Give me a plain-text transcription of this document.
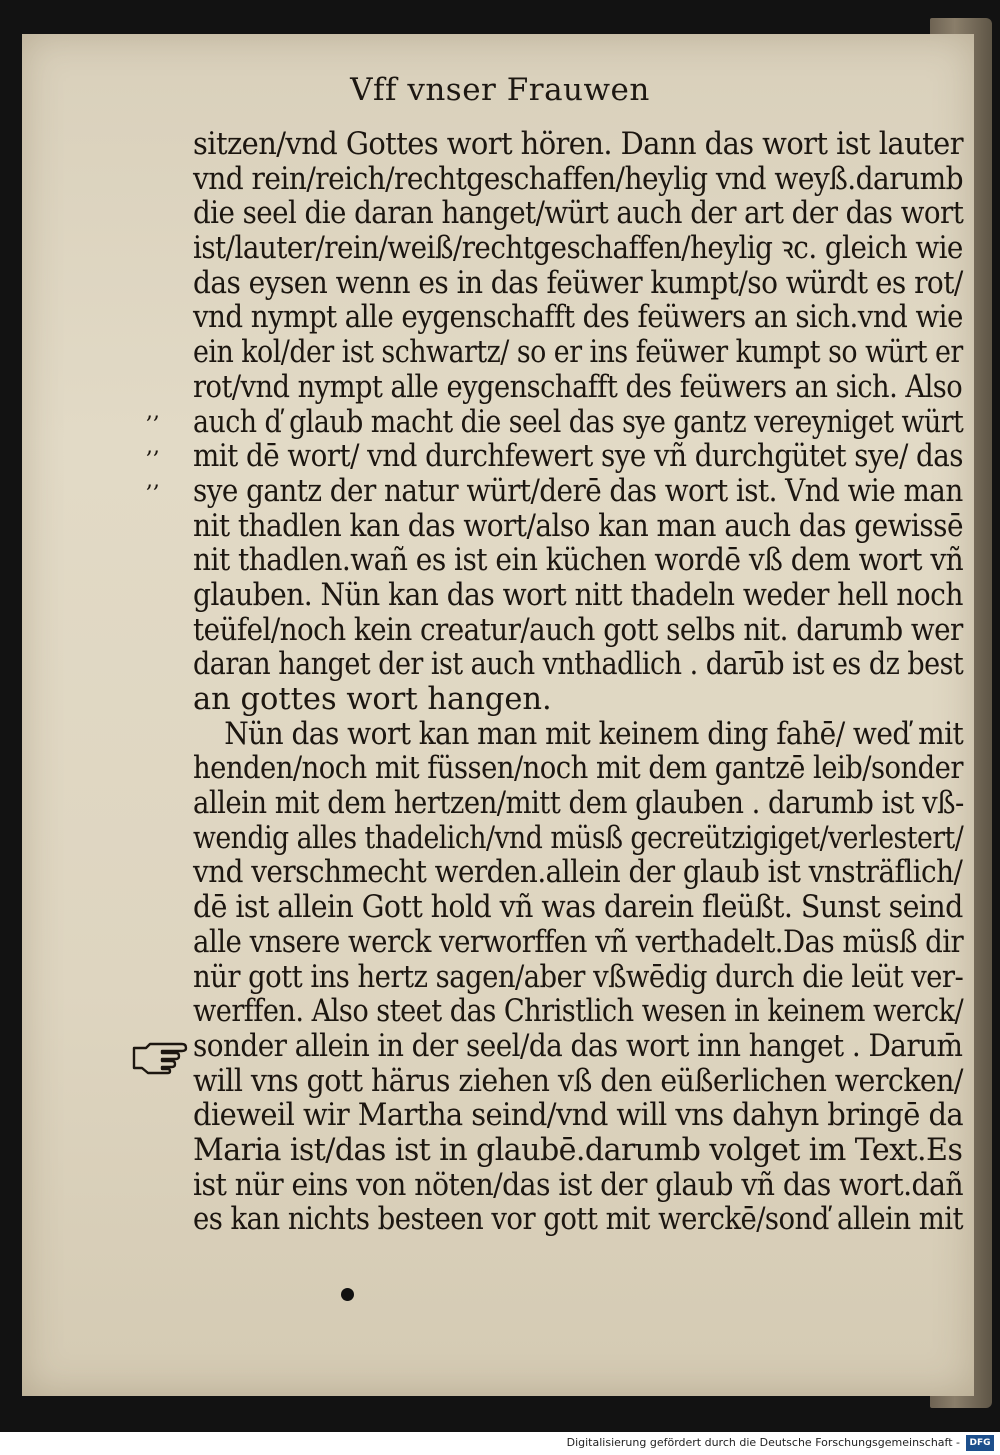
Vff vnser Frauwen
,,
,,
,,
sitzen/vnd Gottes wort hören. Dann das wort ist lauter
vnd rein/reich/rechtgeschaffen/heylig vnd weyß.darumb
die seel die daran hanget/würt auch der art der das wort
ist/lauter/rein/weiß/rechtgeschaffen/heylig ꝛc. gleich wie
das eysen wenn es in das feüwer kumpt/so würdt es rot/
vnd nympt alle eygenschafft des feüwers an sich.vnd wie
ein kol/der ist schwartz/ so er ins feüwer kumpt so würt er
rot/vnd nympt alle eygenschafft des feüwers an sich. Also
auch ď glaub macht die seel das sye gantz vereyniget würt
mit dē wort/ vnd durchfewert sye vñ durchgütet sye/ das
sye gantz der natur würt/derē das wort ist. Vnd wie man
nit thadlen kan das wort/also kan man auch das gewissē
nit thadlen.wañ es ist ein küchen wordē vß dem wort vñ
glauben. Nün kan das wort nitt thadeln weder hell noch
teüfel/noch kein creatur/auch gott selbs nit. darumb wer
daran hanget der ist auch vnthadlich . darūb ist es dz best
an gottes wort hangen.
Nün das wort kan man mit keinem ding fahē/ weď mit
henden/noch mit füssen/noch mit dem gantzē leib/sonder
allein mit dem hertzen/mitt dem glauben . darumb ist vß-
wendig alles thadelich/vnd müsß gecreützigiget/verlestert/
vnd verschmecht werden.allein der glaub ist vnsträflich/
dē ist allein Gott hold vñ was darein fleüßt. Sunst seind
alle vnsere werck verworffen vñ verthadelt.Das müsß dir
nür gott ins hertz sagen/aber vßwēdig durch die leüt ver-
werffen. Also steet das Christlich wesen in keinem werck/
sonder allein in der seel/da das wort inn hanget . Darum̄
will vns gott härus ziehen vß den eüßerlichen wercken/
dieweil wir Martha seind/vnd will vns dahyn bringē da
Maria ist/das ist in glaubē.darumb volget im Text.Es
ist nür eins von nöten/das ist der glaub vñ das wort.dañ
es kan nichts besteen vor gott mit werckē/sonď allein mit
Digitalisierung gefördert durch die Deutsche Forschungsgemeinschaft -	DFG
